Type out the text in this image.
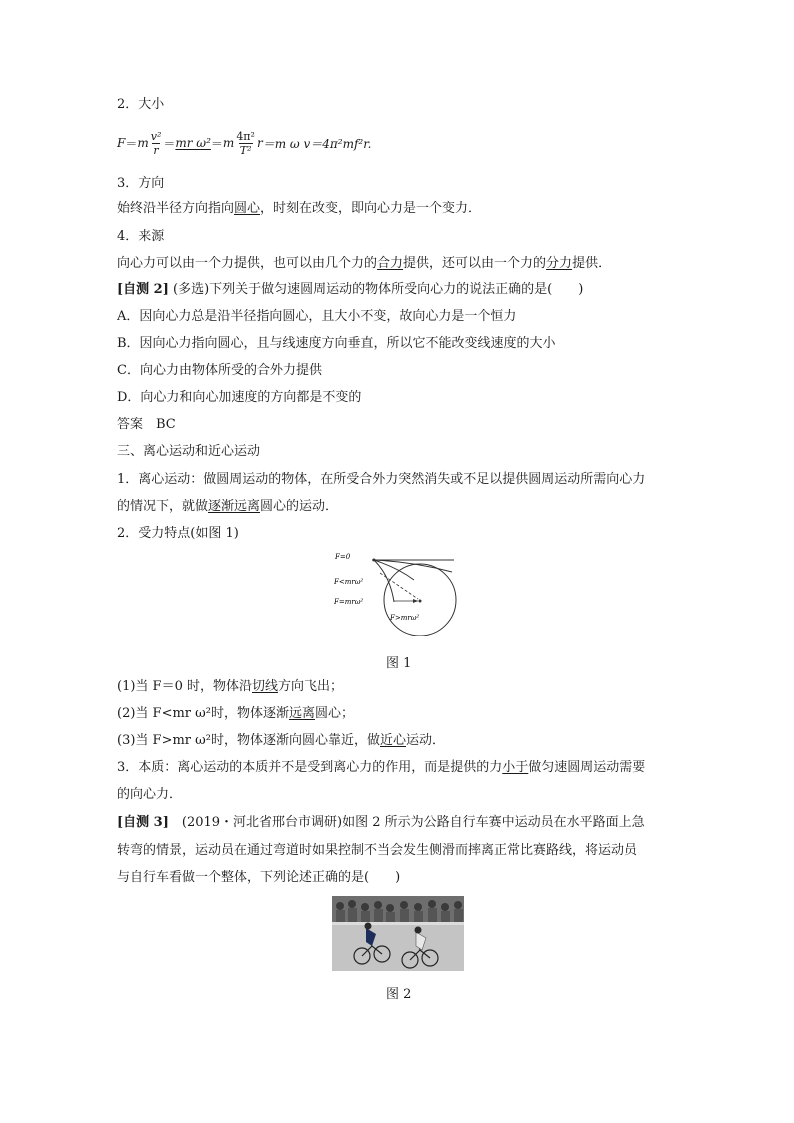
2．大小
F ＝ m $\frac{\text{v²}}{r}$ ＝ mr ω² ＝ m $\frac{\text{4π²}}{\text{T²}}$ r ＝m ω v＝4π²mf²r.
3．方向
始终沿半径方向指向圆心，时刻在改变，即向心力是一个变力．
4．来源
向心力可以由一个力提供，也可以由几个力的合力提供，还可以由一个力的分力提供．
[自测 2] (多选)下列关于做匀速圆周运动的物体所受向心力的说法正确的是(　　)
A．因向心力总是沿半径指向圆心，且大小不变，故向心力是一个恒力
B．因向心力指向圆心，且与线速度方向垂直，所以它不能改变线速度的大小
C．向心力由物体所受的合外力提供
D．向心力和向心加速度的方向都是不变的
答案　BC
三、离心运动和近心运动
1．离心运动：做圆周运动的物体，在所受合外力突然消失或不足以提供圆周运动所需向心力
的情况下，就做逐渐远离圆心的运动．
2．受力特点(如图 1)
F=0
F<mrω²
F=mrω²
F>mrω²
图 1
(1)当 F＝0 时，物体沿切线方向飞出；
(2)当 F<mr ω²时，物体逐渐远离圆心；
(3)当 F>mr ω²时，物体逐渐向圆心靠近，做近心运动．
3．本质：离心运动的本质并不是受到离心力的作用，而是提供的力小于做匀速圆周运动需要
的向心力．
[自测 3]　(2019・河北省邢台市调研)如图 2 所示为公路自行车赛中运动员在水平路面上急
转弯的情景，运动员在通过弯道时如果控制不当会发生侧滑而摔离正常比赛路线，将运动员
与自行车看做一个整体，下列论述正确的是(　　)
图 2
